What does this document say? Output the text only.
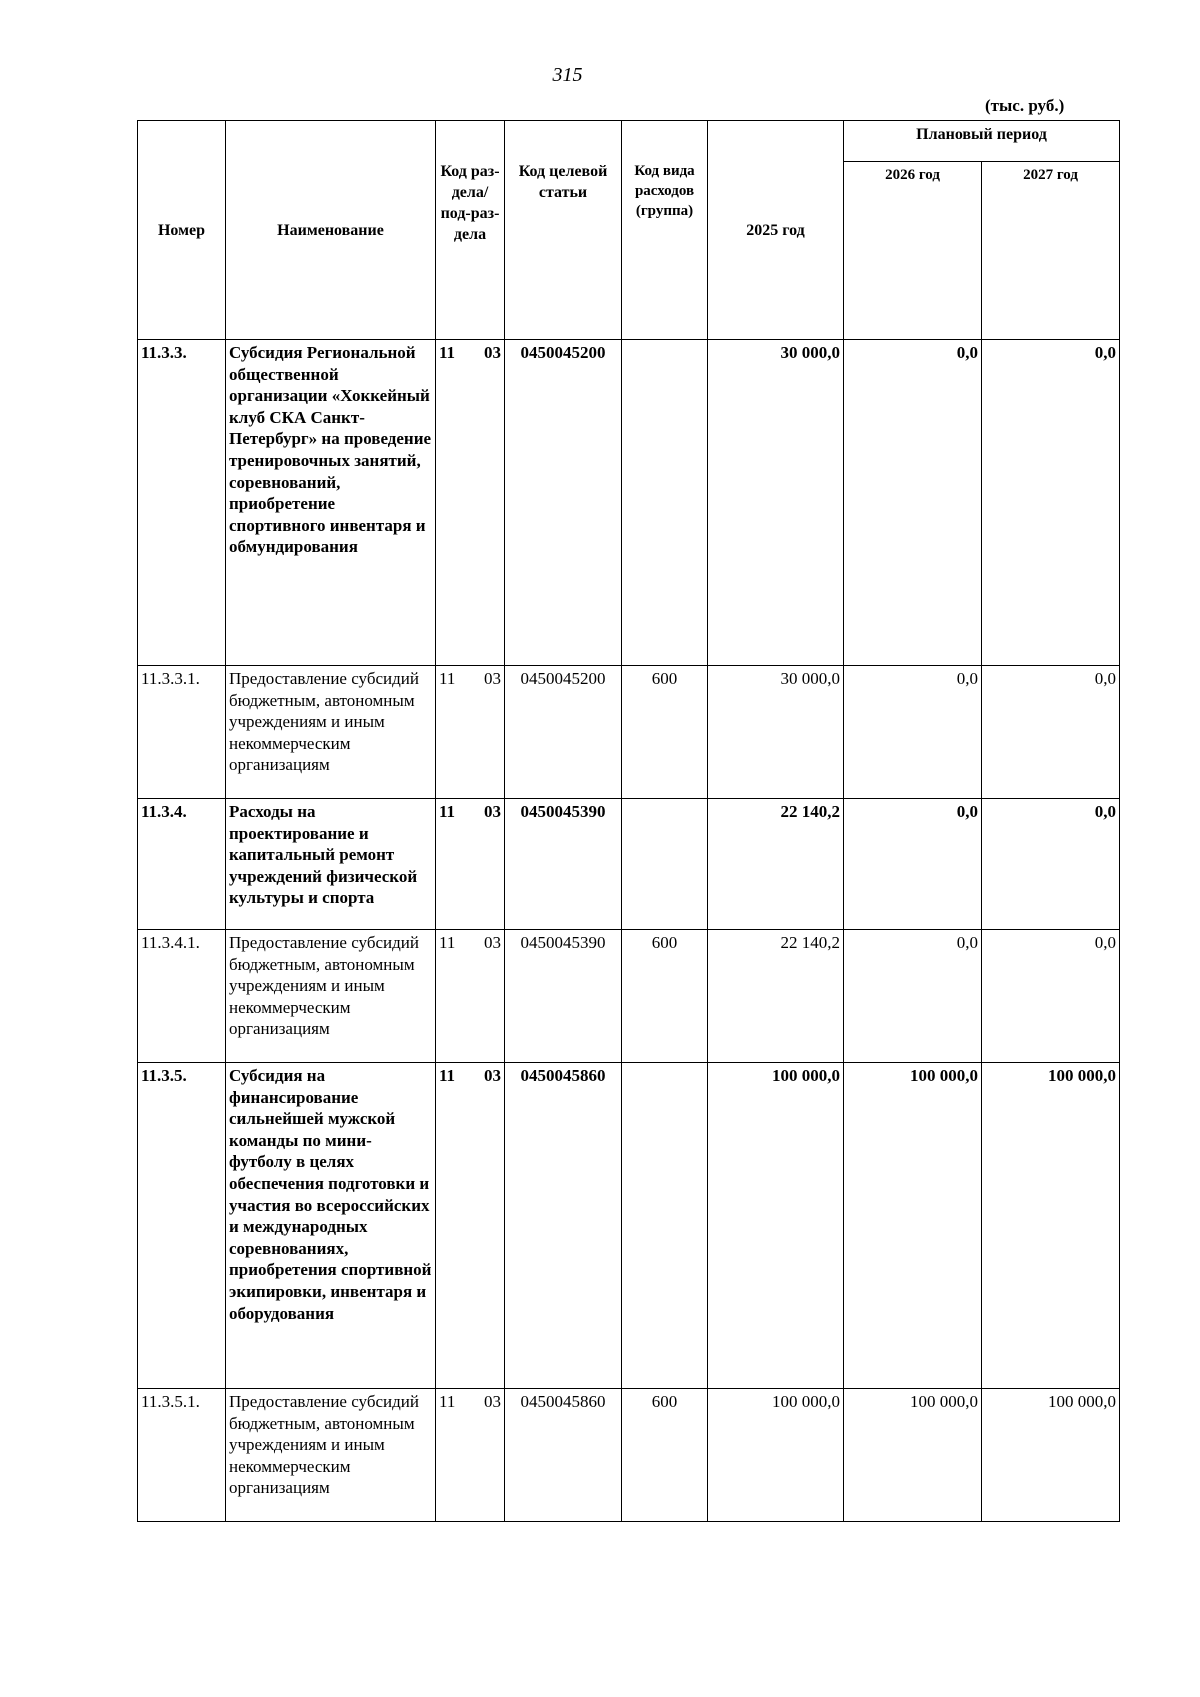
315
(тыс. руб.)
Номер	Наименование	Код раз-дела/ под-раз-дела	Код целевой статьи	Код вида расходов (группа)	2025 год	Плановый период	
						2026 год	2027 год
11.3.3.	Субсидия Региональной общественной организации «Хоккейный клуб СКА Санкт-Петербург» на проведение тренировочных занятий, соревнований, приобретение спортивного инвентаря и обмундирования	11 03	0450045200		30 000,0	0,0	0,0
11.3.3.1.	Предоставление субсидий бюджетным, автономным учреждениям и иным некоммерческим организациям	11 03	0450045200	600	30 000,0	0,0	0,0
11.3.4.	Расходы на проектирование и капитальный ремонт учреждений физической культуры и спорта	11 03	0450045390		22 140,2	0,0	0,0
11.3.4.1.	Предоставление субсидий бюджетным, автономным учреждениям и иным некоммерческим организациям	11 03	0450045390	600	22 140,2	0,0	0,0
11.3.5.	Субсидия на финансирование сильнейшей мужской команды по мини-футболу в целях обеспечения подготовки и участия во всероссийских и международных соревнованиях, приобретения спортивной экипировки, инвентаря и оборудования	11 03	0450045860		100 000,0	100 000,0	100 000,0
11.3.5.1.	Предоставление субсидий бюджетным, автономным учреждениям и иным некоммерческим организациям	11 03	0450045860	600	100 000,0	100 000,0	100 000,0
